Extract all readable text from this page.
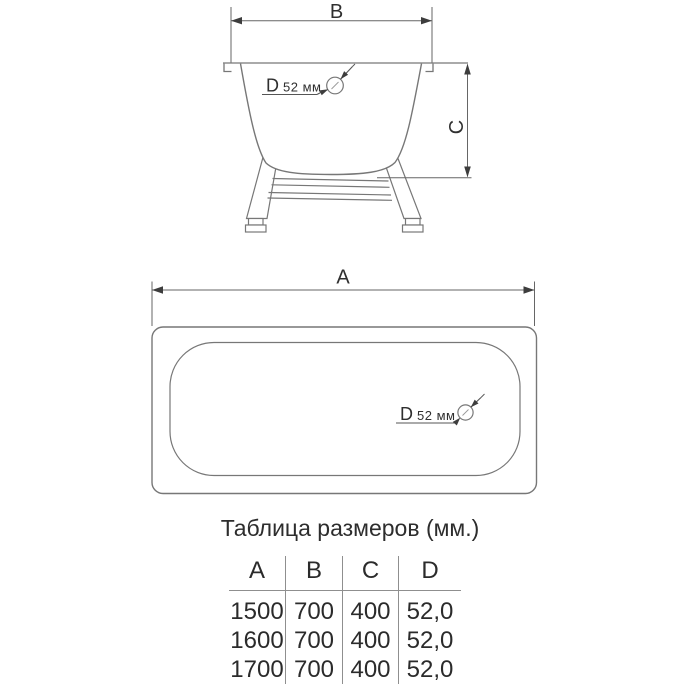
B
D 52 мм
C
A
D 52 мм
Таблица размеров (мм.)
A	B	C	D
1500	700	400	52,0
1600	700	400	52,0
1700	700	400	52,0
